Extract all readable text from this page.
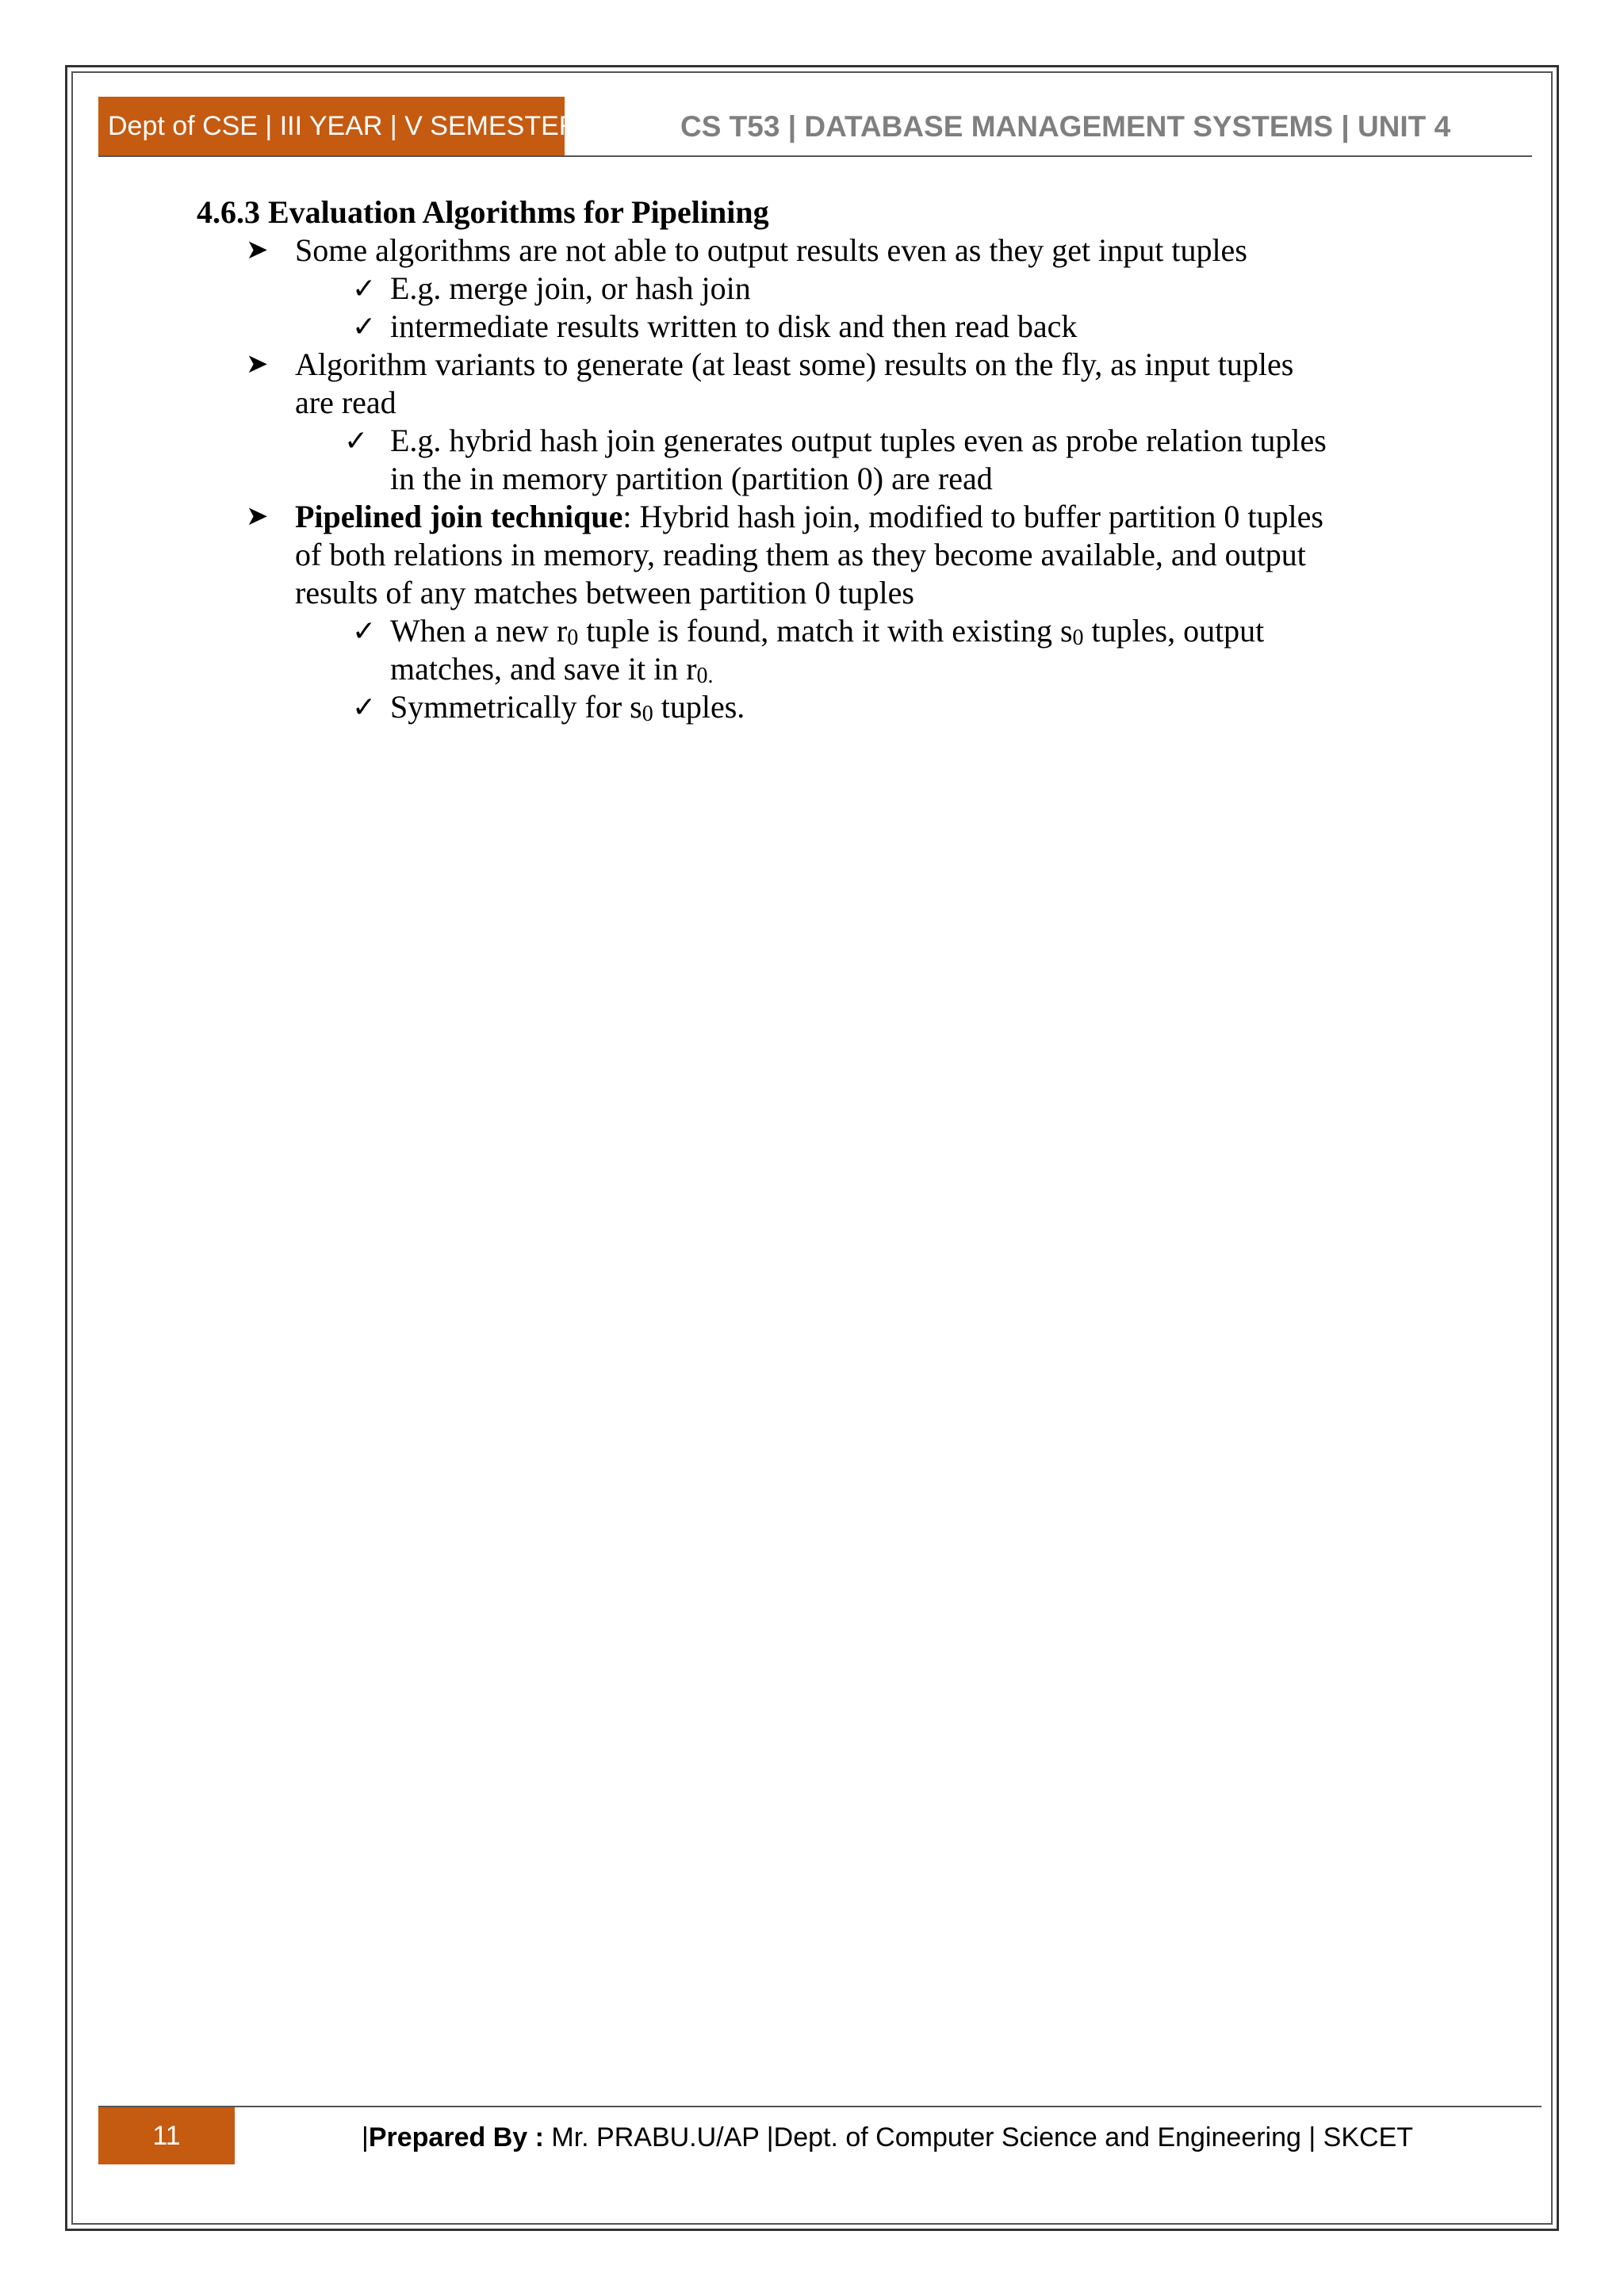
Dept of CSE | III YEAR | V SEMESTER	CS T53 | DATABASE MANAGEMENT SYSTEMS | UNIT 4

4.6.3 Evaluation Algorithms for Pipelining

➤ Some algorithms are not able to output results even as they get input tuples

✓ E.g. merge join, or hash join

✓ intermediate results written to disk and then read back

➤ Algorithm variants to generate (at least some) results on the fly, as input tuples
are read

✓ E.g. hybrid hash join generates output tuples even as probe relation tuples
in the in memory partition (partition 0) are read

➤ Pipelined join technique: Hybrid hash join, modified to buffer partition 0 tuples
of both relations in memory, reading them as they become available, and output
results of any matches between partition 0 tuples

✓ When a new $r_0$ tuple is found, match it with existing $s_0$ tuples, output
matches, and save it in $r_{0.}$

✓ Symmetrically for $s_0$ tuples.

11	|Prepared By : Mr. PRABU.U/AP |Dept. of Computer Science and Engineering | SKCET
